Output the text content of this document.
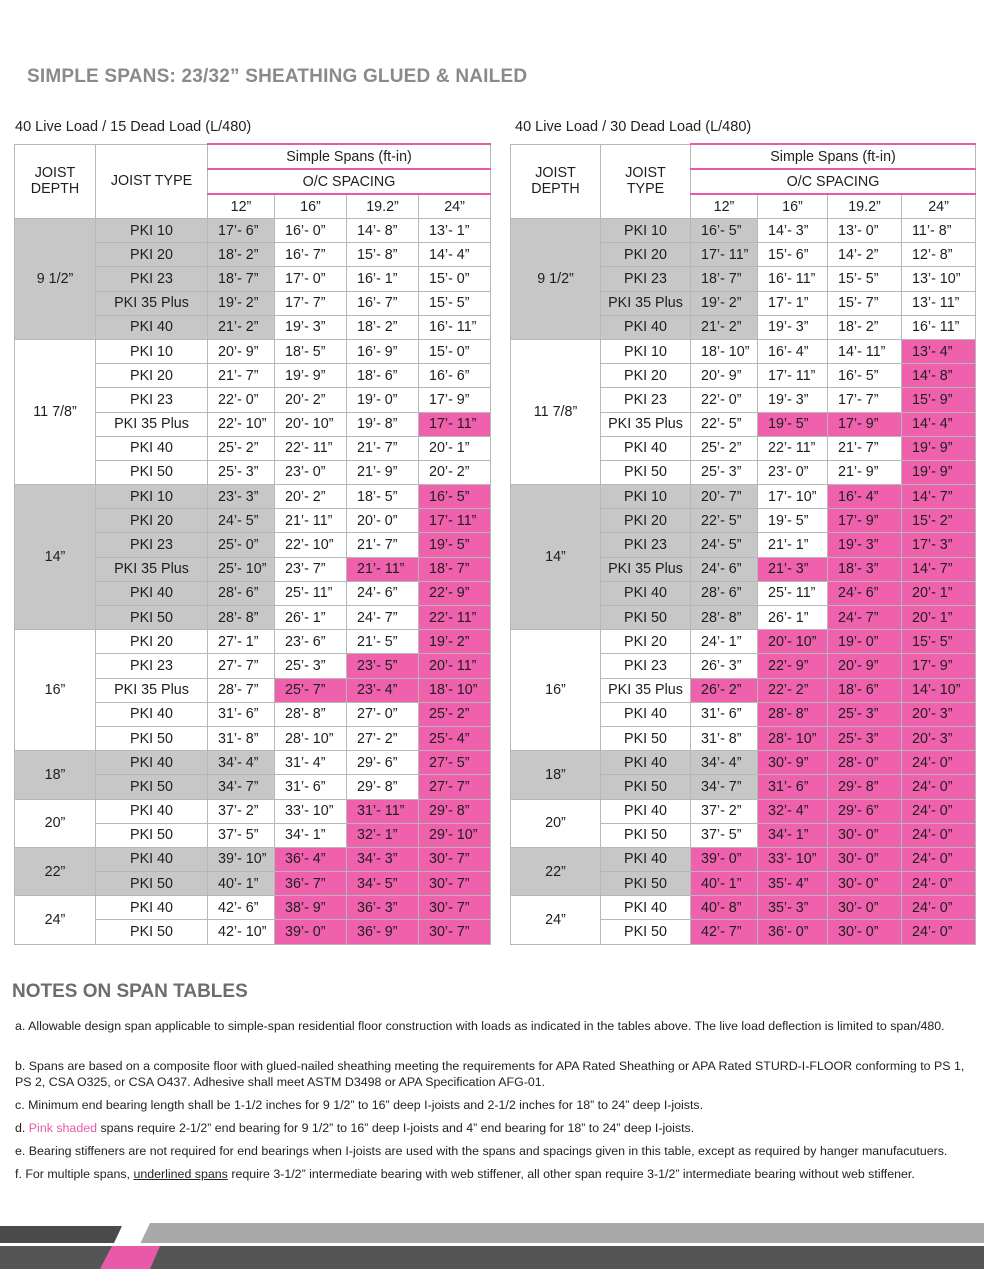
SIMPLE SPANS: 23/32” SHEATHING GLUED & NAILED

40 Live Load / 15 Dead Load (L/480)	40 Live Load / 30 Dead Load (L/480)

JOIST DEPTH	JOIST TYPE	Simple Spans (ft-in)			
		O/C SPACING			
		12”	16”	19.2”	24”
9 1/2”	PKI 10	17’- 6”	16’- 0”	14’- 8”	13’- 1”
	PKI 20	18’- 2”	16’- 7”	15’- 8”	14’- 4”
	PKI 23	18’- 7”	17’- 0”	16’- 1”	15’- 0”
	PKI 35 Plus	19’- 2”	17’- 7”	16’- 7”	15’- 5”
	PKI 40	21’- 2”	19’- 3”	18’- 2”	16’- 11”
11 7/8”	PKI 10	20’- 9”	18’- 5”	16’- 9”	15’- 0”
	PKI 20	21’- 7”	19’- 9”	18’- 6”	16’- 6”
	PKI 23	22’- 0”	20’- 2”	19’- 0”	17’- 9”
	PKI 35 Plus	22’- 10”	20’- 10”	19’- 8”	17’- 11”
	PKI 40	25’- 2”	22’- 11”	21’- 7”	20’- 1”
	PKI 50	25’- 3”	23’- 0”	21’- 9”	20’- 2”
14”	PKI 10	23’- 3”	20’- 2”	18’- 5”	16’- 5”
	PKI 20	24’- 5”	21’- 11”	20’- 0”	17’- 11”
	PKI 23	25’- 0”	22’- 10”	21’- 7”	19’- 5”
	PKI 35 Plus	25’- 10”	23’- 7”	21’- 11”	18’- 7”
	PKI 40	28’- 6”	25’- 11”	24’- 6”	22’- 9”
	PKI 50	28’- 8”	26’- 1”	24’- 7”	22’- 11”
16”	PKI 20	27’- 1”	23’- 6”	21’- 5”	19’- 2”
	PKI 23	27’- 7”	25’- 3”	23’- 5”	20’- 11”
	PKI 35 Plus	28’- 7”	25’- 7”	23’- 4”	18’- 10”
	PKI 40	31’- 6”	28’- 8”	27’- 0”	25’- 2”
	PKI 50	31’- 8”	28’- 10”	27’- 2”	25’- 4”
18”	PKI 40	34’- 4”	31’- 4”	29’- 6”	27’- 5”
	PKI 50	34’- 7”	31’- 6”	29’- 8”	27’- 7”
20”	PKI 40	37’- 2”	33’- 10”	31’- 11”	29’- 8”
	PKI 50	37’- 5”	34’- 1”	32’- 1”	29’- 10”
22”	PKI 40	39’- 10”	36’- 4”	34’- 3”	30’- 7”
	PKI 50	40’- 1”	36’- 7”	34’- 5”	30’- 7”
24”	PKI 40	42’- 6”	38’- 9”	36’- 3”	30’- 7”
	PKI 50	42’- 10”	39’- 0”	36’- 9”	30’- 7”
JOIST DEPTH	JOIST TYPE	Simple Spans (ft-in)			
		O/C SPACING			
		12”	16”	19.2”	24”
9 1/2”	PKI 10	16’- 5”	14’- 3”	13’- 0”	11’- 8”
	PKI 20	17’- 11”	15’- 6”	14’- 2”	12’- 8”
	PKI 23	18’- 7”	16’- 11”	15’- 5”	13’- 10”
	PKI 35 Plus	19’- 2”	17’- 1”	15’- 7”	13’- 11”
	PKI 40	21’- 2”	19’- 3”	18’- 2”	16’- 11”
11 7/8”	PKI 10	18’- 10”	16’- 4”	14’- 11”	13’- 4”
	PKI 20	20’- 9”	17’- 11”	16’- 5”	14’- 8”
	PKI 23	22’- 0”	19’- 3”	17’- 7”	15’- 9”
	PKI 35 Plus	22’- 5”	19’- 5”	17’- 9”	14’- 4”
	PKI 40	25’- 2”	22’- 11”	21’- 7”	19’- 9”
	PKI 50	25’- 3”	23’- 0”	21’- 9”	19’- 9”
14”	PKI 10	20’- 7”	17’- 10”	16’- 4”	14’- 7”
	PKI 20	22’- 5”	19’- 5”	17’- 9”	15’- 2”
	PKI 23	24’- 5”	21’- 1”	19’- 3”	17’- 3”
	PKI 35 Plus	24’- 6”	21’- 3”	18’- 3”	14’- 7”
	PKI 40	28’- 6”	25’- 11”	24’- 6”	20’- 1”
	PKI 50	28’- 8”	26’- 1”	24’- 7”	20’- 1”
16”	PKI 20	24’- 1”	20’- 10”	19’- 0”	15’- 5”
	PKI 23	26’- 3”	22’- 9”	20’- 9”	17’- 9”
	PKI 35 Plus	26’- 2”	22’- 2”	18’- 6”	14’- 10”
	PKI 40	31’- 6”	28’- 8”	25’- 3”	20’- 3”
	PKI 50	31’- 8”	28’- 10”	25’- 3”	20’- 3”
18”	PKI 40	34’- 4”	30’- 9”	28’- 0”	24’- 0”
	PKI 50	34’- 7”	31’- 6”	29’- 8”	24’- 0”
20”	PKI 40	37’- 2”	32’- 4”	29’- 6”	24’- 0”
	PKI 50	37’- 5”	34’- 1”	30’- 0”	24’- 0”
22”	PKI 40	39’- 0”	33’- 10”	30’- 0”	24’- 0”
	PKI 50	40’- 1”	35’- 4”	30’- 0”	24’- 0”
24”	PKI 40	40’- 8”	35’- 3”	30’- 0”	24’- 0”
	PKI 50	42’- 7”	36’- 0”	30’- 0”	24’- 0”
NOTES ON SPAN TABLES

a. Allowable design span applicable to simple-span residential floor construction with loads as indicated in the tables above. The live load deflection is limited to span/480.

b. Spans are based on a composite floor with glued-nailed sheathing meeting the requirements for APA Rated Sheathing or APA Rated STURD-I-FLOOR conforming to PS 1, PS 2, CSA O325, or CSA O437. Adhesive shall meet ASTM D3498 or APA Specification AFG-01.

c. Minimum end bearing length shall be 1-1/2 inches for 9 1/2” to 16” deep I-joists and 2-1/2 inches for 18” to 24” deep I-joists.

d. Pink shaded spans require 2-1/2” end bearing for 9 1/2” to 16” deep I-joists and 4” end bearing for 18” to 24” deep I-joists.

e. Bearing stiffeners are not required for end bearings when I-joists are used with the spans and spacings given in this table, except as required by hanger manufacutuers.

f. For multiple spans, underlined spans require 3-1/2” intermediate bearing with web stiffener, all other span require 3-1/2” intermediate bearing without web stiffener.
